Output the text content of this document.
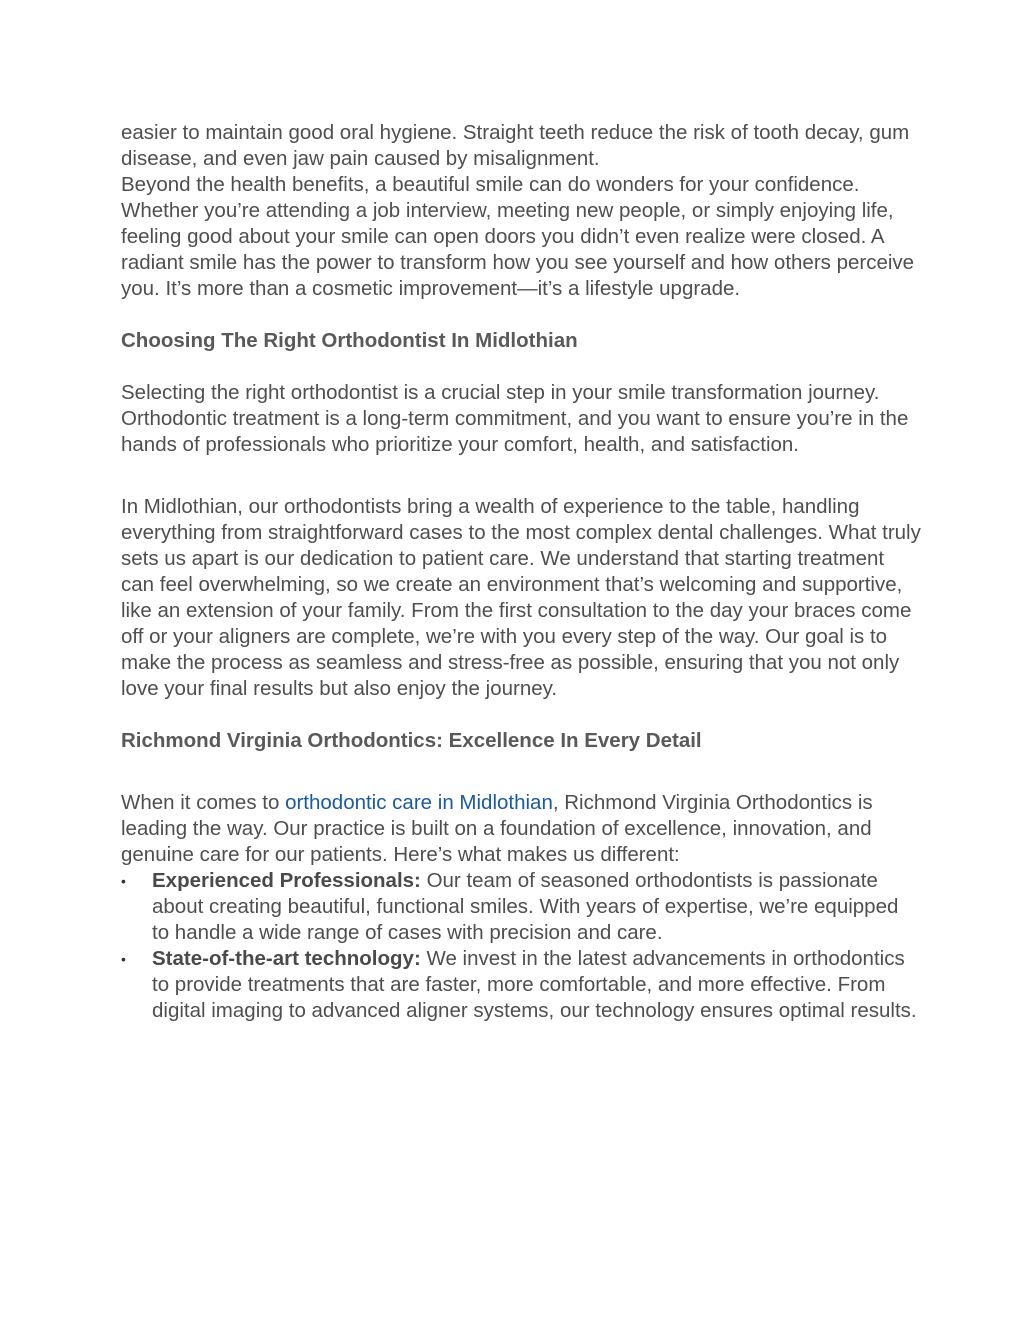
easier to maintain good oral hygiene. Straight teeth reduce the risk of tooth decay, gum disease, and even jaw pain caused by misalignment.

Beyond the health benefits, a beautiful smile can do wonders for your confidence. Whether you’re attending a job interview, meeting new people, or simply enjoying life, feeling good about your smile can open doors you didn’t even realize were closed. A radiant smile has the power to transform how you see yourself and how others perceive you. It’s more than a cosmetic improvement—it’s a lifestyle upgrade.

Choosing The Right Orthodontist In Midlothian

Selecting the right orthodontist is a crucial step in your smile transformation journey. Orthodontic treatment is a long-term commitment, and you want to ensure you’re in the hands of professionals who prioritize your comfort, health, and satisfaction.

In Midlothian, our orthodontists bring a wealth of experience to the table, handling everything from straightforward cases to the most complex dental challenges. What truly sets us apart is our dedication to patient care. We understand that starting treatment can feel overwhelming, so we create an environment that’s welcoming and supportive, like an extension of your family. From the first consultation to the day your braces come off or your aligners are complete, we’re with you every step of the way. Our goal is to make the process as seamless and stress-free as possible, ensuring that you not only love your final results but also enjoy the journey.

Richmond Virginia Orthodontics: Excellence In Every Detail

When it comes to orthodontic care in Midlothian, Richmond Virginia Orthodontics is leading the way. Our practice is built on a foundation of excellence, innovation, and genuine care for our patients. Here’s what makes us different:

• Experienced Professionals: Our team of seasoned orthodontists is passionate about creating beautiful, functional smiles. With years of expertise, we’re equipped to handle a wide range of cases with precision and care.
• State-of-the-art technology: We invest in the latest advancements in orthodontics to provide treatments that are faster, more comfortable, and more effective. From digital imaging to advanced aligner systems, our technology ensures optimal results.
